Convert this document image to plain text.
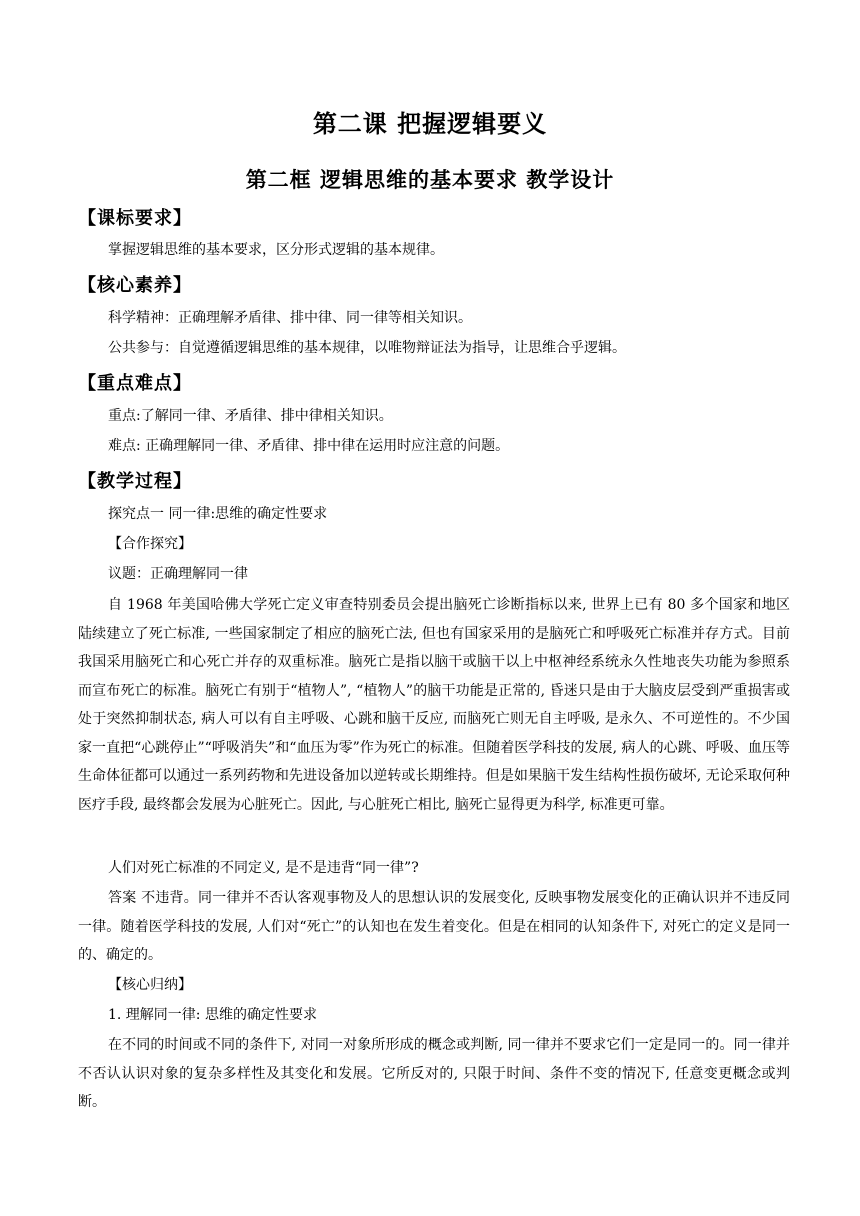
第二课 把握逻辑要义
第二框 逻辑思维的基本要求 教学设计
【课标要求】
掌握逻辑思维的基本要求，区分形式逻辑的基本规律。
【核心素养】
科学精神：正确理解矛盾律、排中律、同一律等相关知识。
公共参与：自觉遵循逻辑思维的基本规律，以唯物辩证法为指导，让思维合乎逻辑。
【重点难点】
重点:了解同一律、矛盾律、排中律相关知识。
难点: 正确理解同一律、矛盾律、排中律在运用时应注意的问题。
【教学过程】
探究点一 同一律:思维的确定性要求
【合作探究】
议题：正确理解同一律
自 1968 年美国哈佛大学死亡定义审查特别委员会提出脑死亡诊断指标以来, 世界上已有 80 多个国家和地区陆续建立了死亡标准, 一些国家制定了相应的脑死亡法, 但也有国家采用的是脑死亡和呼吸死亡标准并存方式。目前我国采用脑死亡和心死亡并存的双重标准。脑死亡是指以脑干或脑干以上中枢神经系统永久性地丧失功能为参照系而宣布死亡的标准。脑死亡有别于“植物人”, “植物人”的脑干功能是正常的, 昏迷只是由于大脑皮层受到严重损害或处于突然抑制状态, 病人可以有自主呼吸、心跳和脑干反应, 而脑死亡则无自主呼吸, 是永久、不可逆性的。不少国家一直把“心跳停止”“呼吸消失”和“血压为零”作为死亡的标准。但随着医学科技的发展, 病人的心跳、呼吸、血压等生命体征都可以通过一系列药物和先进设备加以逆转或长期维持。但是如果脑干发生结构性损伤破坏, 无论采取何种医疗手段, 最终都会发展为心脏死亡。因此, 与心脏死亡相比, 脑死亡显得更为科学, 标准更可靠。
人们对死亡标准的不同定义, 是不是违背“同一律”?
答案 不违背。同一律并不否认客观事物及人的思想认识的发展变化, 反映事物发展变化的正确认识并不违反同一律。随着医学科技的发展, 人们对“死亡”的认知也在发生着变化。但是在相同的认知条件下, 对死亡的定义是同一的、确定的。
【核心归纳】
1. 理解同一律: 思维的确定性要求
在不同的时间或不同的条件下, 对同一对象所形成的概念或判断, 同一律并不要求它们一定是同一的。同一律并不否认认识对象的复杂多样性及其变化和发展。它所反对的, 只限于时间、条件不变的情况下, 任意变更概念或判断。
